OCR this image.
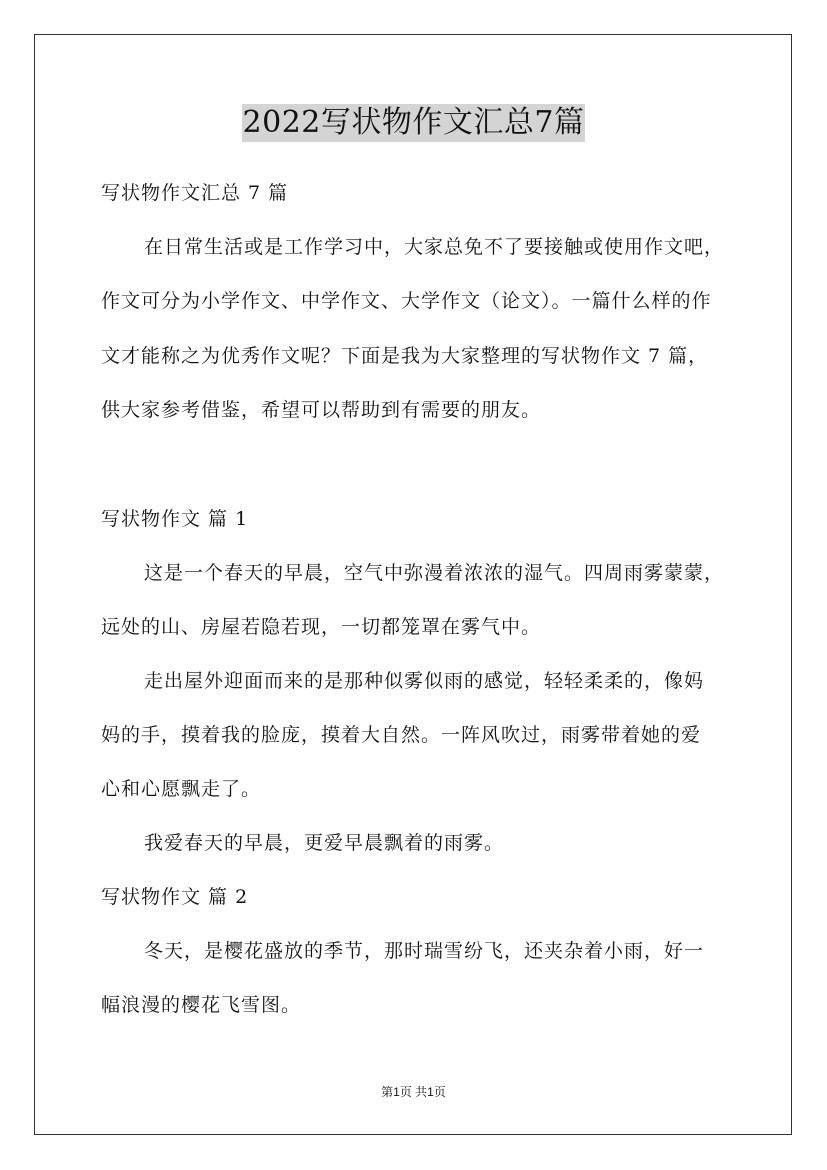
2022写状物作文汇总7篇
写状物作文汇总 7 篇
在日常生活或是工作学习中，大家总免不了要接触或使用作文吧，
作文可分为小学作文、中学作文、大学作文（论文）。一篇什么样的作
文才能称之为优秀作文呢？下面是我为大家整理的写状物作文 7 篇，
供大家参考借鉴，希望可以帮助到有需要的朋友。
写状物作文 篇 1
这是一个春天的早晨，空气中弥漫着浓浓的湿气。四周雨雾蒙蒙，
远处的山、房屋若隐若现，一切都笼罩在雾气中。
走出屋外迎面而来的是那种似雾似雨的感觉，轻轻柔柔的，像妈
妈的手，摸着我的脸庞，摸着大自然。一阵风吹过，雨雾带着她的爱
心和心愿飘走了。
我爱春天的早晨，更爱早晨飘着的雨雾。
写状物作文 篇 2
冬天，是樱花盛放的季节，那时瑞雪纷飞，还夹杂着小雨，好一
幅浪漫的樱花飞雪图。
第1页 共1页
